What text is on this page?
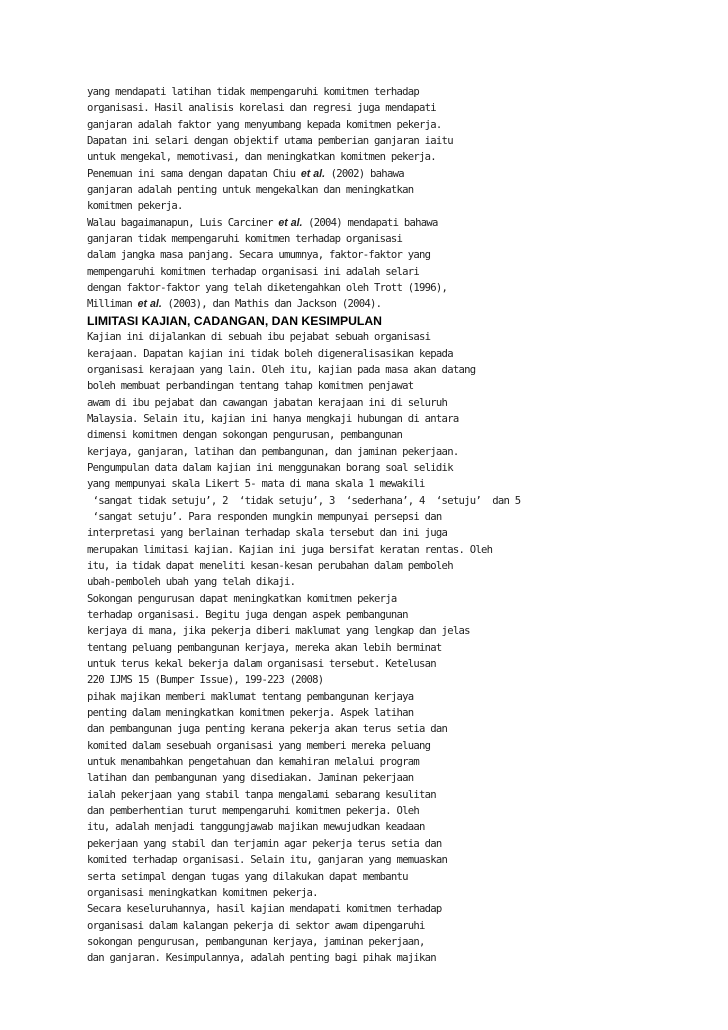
yang mendapati latihan tidak mempengaruhi komitmen terhadap
organisasi. Hasil analisis korelasi dan regresi juga mendapati
ganjaran adalah faktor yang menyumbang kepada komitmen pekerja.
Dapatan ini selari dengan objektif utama pemberian ganjaran iaitu
untuk mengekal, memotivasi, dan meningkatkan komitmen pekerja.
Penemuan ini sama dengan dapatan Chiu et al. (2002) bahawa
ganjaran adalah penting untuk mengekalkan dan meningkatkan
komitmen pekerja.
Walau bagaimanapun, Luis Carciner et al. (2004) mendapati bahawa
ganjaran tidak mempengaruhi komitmen terhadap organisasi
dalam jangka masa panjang. Secara umumnya, faktor-faktor yang
mempengaruhi komitmen terhadap organisasi ini adalah selari
dengan faktor-faktor yang telah diketengahkan oleh Trott (1996),
Milliman et al. (2003), dan Mathis dan Jackson (2004).
LIMITASI KAJIAN, CADANGAN, DAN KESIMPULAN
Kajian ini dijalankan di sebuah ibu pejabat sebuah organisasi
kerajaan. Dapatan kajian ini tidak boleh digeneralisasikan kepada
organisasi kerajaan yang lain. Oleh itu, kajian pada masa akan datang
boleh membuat perbandingan tentang tahap komitmen penjawat
awam di ibu pejabat dan cawangan jabatan kerajaan ini di seluruh
Malaysia. Selain itu, kajian ini hanya mengkaji hubungan di antara
dimensi komitmen dengan sokongan pengurusan, pembangunan
kerjaya, ganjaran, latihan dan pembangunan, dan jaminan pekerjaan.
Pengumpulan data dalam kajian ini menggunakan borang soal selidik
yang mempunyai skala Likert 5- mata di mana skala 1 mewakili
‘sangat tidak setuju’, 2  ‘tidak setuju’, 3  ‘sederhana’, 4  ‘setuju’  dan 5
‘sangat setuju’. Para responden mungkin mempunyai persepsi dan
interpretasi yang berlainan terhadap skala tersebut dan ini juga
merupakan limitasi kajian. Kajian ini juga bersifat keratan rentas. Oleh
itu, ia tidak dapat meneliti kesan-kesan perubahan dalam pemboleh
ubah-pemboleh ubah yang telah dikaji.
Sokongan pengurusan dapat meningkatkan komitmen pekerja
terhadap organisasi. Begitu juga dengan aspek pembangunan
kerjaya di mana, jika pekerja diberi maklumat yang lengkap dan jelas
tentang peluang pembangunan kerjaya, mereka akan lebih berminat
untuk terus kekal bekerja dalam organisasi tersebut. Ketelusan
220 IJMS 15 (Bumper Issue), 199-223 (2008)
pihak majikan memberi maklumat tentang pembangunan kerjaya
penting dalam meningkatkan komitmen pekerja. Aspek latihan
dan pembangunan juga penting kerana pekerja akan terus setia dan
komited dalam sesebuah organisasi yang memberi mereka peluang
untuk menambahkan pengetahuan dan kemahiran melalui program
latihan dan pembangunan yang disediakan. Jaminan pekerjaan
ialah pekerjaan yang stabil tanpa mengalami sebarang kesulitan
dan pemberhentian turut mempengaruhi komitmen pekerja. Oleh
itu, adalah menjadi tanggungjawab majikan mewujudkan keadaan
pekerjaan yang stabil dan terjamin agar pekerja terus setia dan
komited terhadap organisasi. Selain itu, ganjaran yang memuaskan
serta setimpal dengan tugas yang dilakukan dapat membantu
organisasi meningkatkan komitmen pekerja.
Secara keseluruhannya, hasil kajian mendapati komitmen terhadap
organisasi dalam kalangan pekerja di sektor awam dipengaruhi
sokongan pengurusan, pembangunan kerjaya, jaminan pekerjaan,
dan ganjaran. Kesimpulannya, adalah penting bagi pihak majikan
